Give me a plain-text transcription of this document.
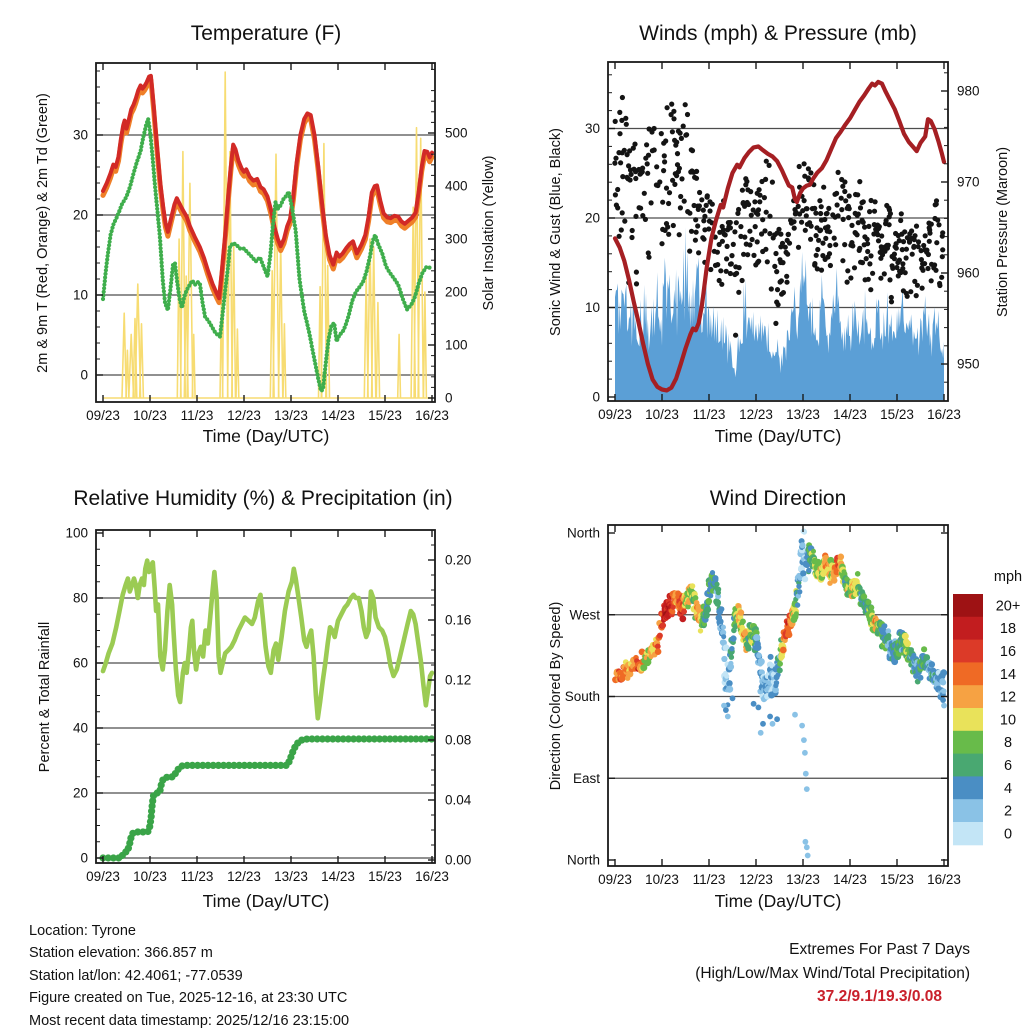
09/23 10/23 11/23 12/23 13/23 14/23 15/23 16/23
0
10
20
30
0
100
200
300
400
500
09/23 10/23 11/23 12/23 13/23 14/23 15/23 16/23
0
10
20
30
950
960
970
980
09/23 10/23 11/23 12/23 13/23 14/23 15/23 16/23
0
20
40
60
80
100
0.00
0.04
0.08
0.12
0.16
0.20
09/23 10/23 11/23 12/23 13/23 14/23 15/23 16/23
North
West
South
East
North
20+
18
16
14
12
10
8
6
4
2
0
Temperature (F)	Winds (mph) & Pressure (mb)
Relative Humidity (%) & Precipitation (in)	Wind Direction
2m & 9m T (Red, Orange) & 2m Td (Green)	Solar Insolation (Yellow)	Sonic Wind & Gust (Blue, Black)	Station Pressure (Maroon)
Percent & Total Rainfall	Direction (Colored By Speed)
Time (Day/UTC)	Time (Day/UTC)
Time (Day/UTC)	Time (Day/UTC)
mph
Location: Tyrone
Station elevation: 366.857 m
Station lat/lon: 42.4061; -77.0539
Figure created on Tue, 2025-12-16, at 23:30 UTC
Most recent data timestamp: 2025/12/16 23:15:00
Extremes For Past 7 Days
(High/Low/Max Wind/Total Precipitation)
37.2/9.1/19.3/0.08
